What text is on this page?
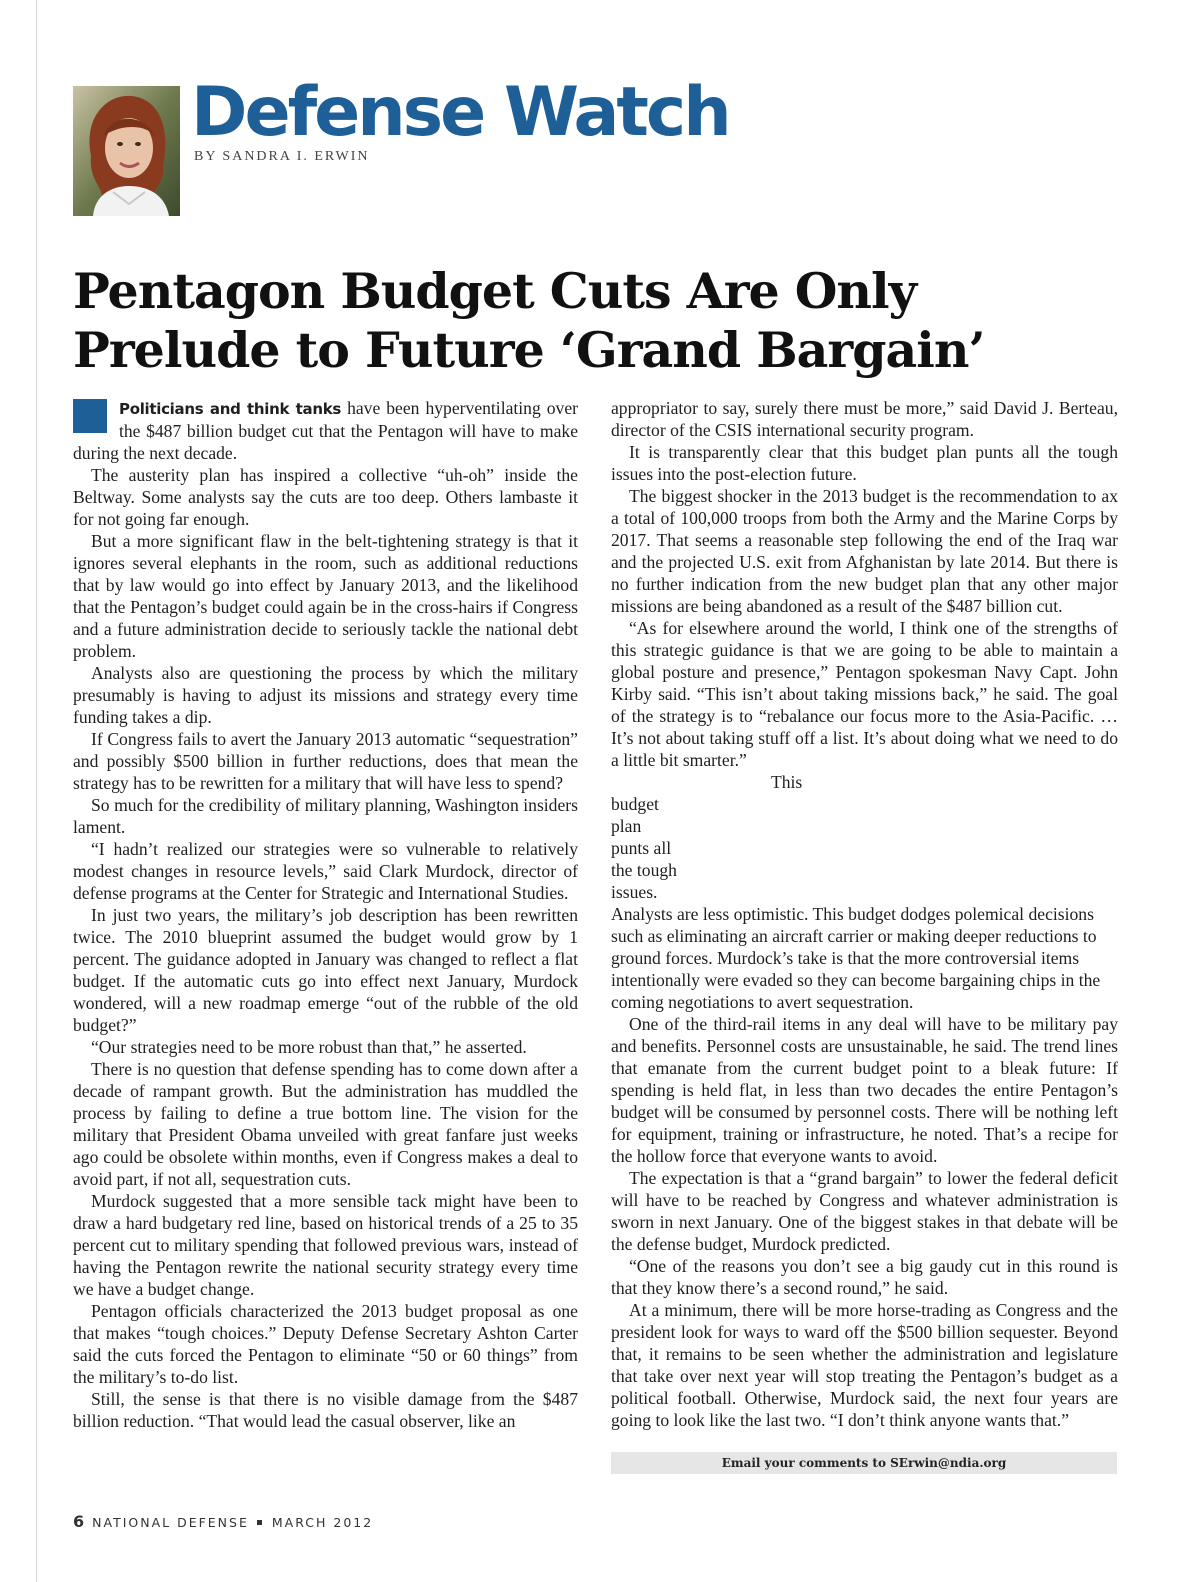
Defense Watch
BY SANDRA I. ERWIN
Pentagon Budget Cuts Are Only
Prelude to Future ‘Grand Bargain’

Politicians and think tanks have been hyperventilating over the $487 billion budget cut that the Pentagon will have to make during the next decade.

The austerity plan has inspired a collective “uh-oh” inside the Beltway. Some analysts say the cuts are too deep. Others lambaste it for not going far enough.

But a more significant flaw in the belt-tightening strategy is that it ignores several elephants in the room, such as additional reductions that by law would go into effect by January 2013, and the likelihood that the Pentagon’s budget could again be in the cross-hairs if Congress and a future administration decide to seriously tackle the national debt problem.

Analysts also are questioning the process by which the military presumably is having to adjust its missions and strategy every time funding takes a dip.

If Congress fails to avert the January 2013 automatic “sequestration” and possibly $500 billion in further reductions, does that mean the strategy has to be rewritten for a military that will have less to spend?

So much for the credibility of military planning, Washington insiders lament.

“I hadn’t realized our strategies were so vulnerable to relatively modest changes in resource levels,” said Clark Murdock, director of defense programs at the Center for Strategic and International Studies.

In just two years, the military’s job description has been rewritten twice. The 2010 blueprint assumed the budget would grow by 1 percent. The guidance adopted in January was changed to reflect a flat budget. If the automatic cuts go into effect next January, Murdock wondered, will a new roadmap emerge “out of the rubble of the old budget?”

“Our strategies need to be more robust than that,” he asserted.

There is no question that defense spending has to come down after a decade of rampant growth. But the administration has muddled the process by failing to define a true bottom line. The vision for the military that President Obama unveiled with great fanfare just weeks ago could be obsolete within months, even if Congress makes a deal to avoid part, if not all, sequestration cuts.

Murdock suggested that a more sensible tack might have been to draw a hard budgetary red line, based on historical trends of a 25 to 35 percent cut to military spending that followed previous wars, instead of having the Pentagon rewrite the national security strategy every time we have a budget change.

Pentagon officials characterized the 2013 budget proposal as one that makes “tough choices.” Deputy Defense Secretary Ashton Carter said the cuts forced the Pentagon to eliminate “50 or 60 things” from the military’s to-do list.

Still, the sense is that there is no visible damage from the $487 billion reduction. “That would lead the casual observer, like an

appropriator to say, surely there must be more,” said David J. Berteau, director of the CSIS international security program.

It is transparently clear that this budget plan punts all the tough issues into the post-election future.

The biggest shocker in the 2013 budget is the recommendation to ax a total of 100,000 troops from both the Army and the Marine Corps by 2017. That seems a reasonable step following the end of the Iraq war and the projected U.S. exit from Afghanistan by late 2014. But there is no further indication from the new budget plan that any other major missions are being abandoned as a result of the $487 billion cut.

“As for elsewhere around the world, I think one of the strengths of this strategic guidance is that we are going to be able to maintain a global posture and presence,” Pentagon spokesman Navy Capt. John Kirby said. “This isn’t about taking missions back,” he said. The goal of the strategy is to “rebalance our focus more to the Asia-Pacific. … It’s not about taking stuff off a list. It’s about doing what we need to do a little bit smarter.”

This
budget
plan
punts all
the tough
issues.
Analysts are less optimistic. This budget dodges polemical decisions such as eliminating an aircraft carrier or making deeper reductions to ground forces. Murdock’s take is that the more controversial items intentionally were evaded so they can become bargaining chips in the coming negotiations to avert sequestration.

One of the third-rail items in any deal will have to be military pay and benefits. Personnel costs are unsustainable, he said. The trend lines that emanate from the current budget point to a bleak future: If spending is held flat, in less than two decades the entire Pentagon’s budget will be consumed by personnel costs. There will be nothing left for equipment, training or infrastructure, he noted. That’s a recipe for the hollow force that everyone wants to avoid.

The expectation is that a “grand bargain” to lower the federal deficit will have to be reached by Congress and whatever administration is sworn in next January. One of the biggest stakes in that debate will be the defense budget, Murdock predicted.

“One of the reasons you don’t see a big gaudy cut in this round is that they know there’s a second round,” he said.

At a minimum, there will be more horse-trading as Congress and the president look for ways to ward off the $500 billion sequester. Beyond that, it remains to be seen whether the administration and legislature that take over next year will stop treating the Pentagon’s budget as a political football. Otherwise, Murdock said, the next four years are going to look like the last two. “I don’t think anyone wants that.”

Email your comments to SErwin@ndia.org
6 NATIONAL DEFENSE MARCH 2012
